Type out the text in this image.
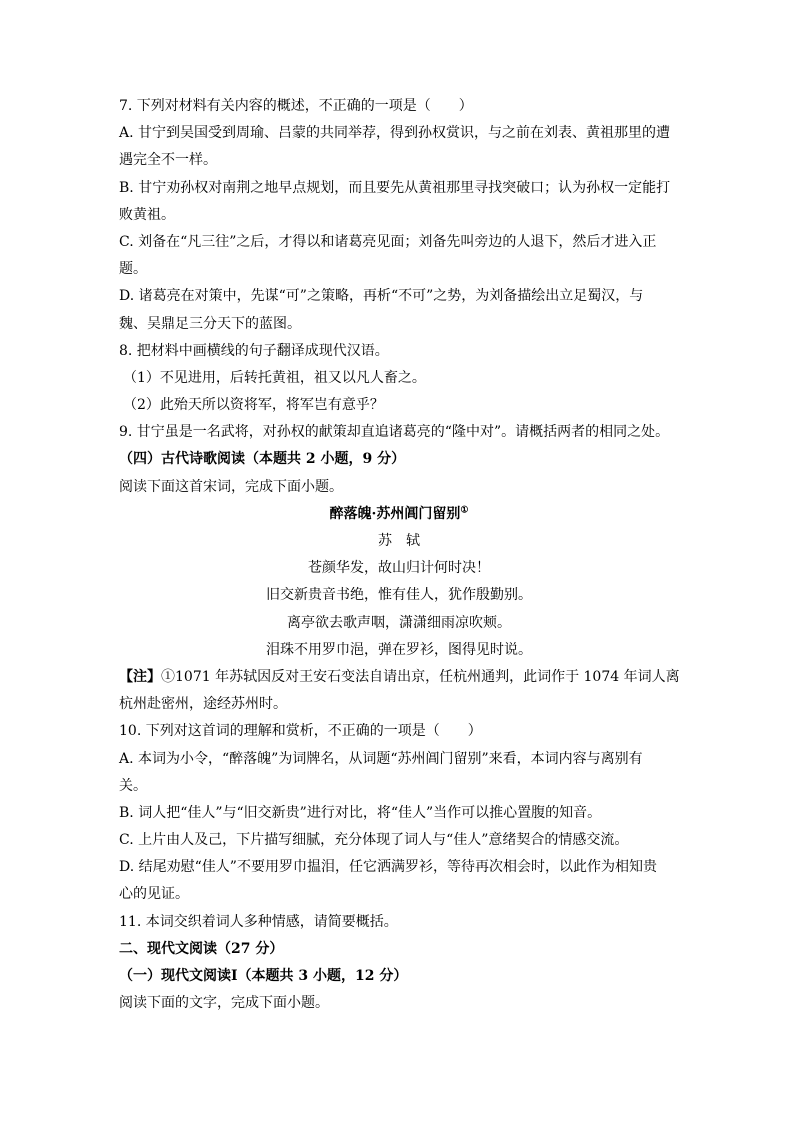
7. 下列对材料有关内容的概述，不正确的一项是（　　）
A. 甘宁到吴国受到周瑜、吕蒙的共同举荐，得到孙权赏识，与之前在刘表、黄祖那里的遭
遇完全不一样。
B. 甘宁劝孙权对南荆之地早点规划，而且要先从黄祖那里寻找突破口；认为孙权一定能打
败黄祖。
C. 刘备在“凡三往”之后，才得以和诸葛亮见面；刘备先叫旁边的人退下，然后才进入正
题。
D. 诸葛亮在对策中，先谋“可”之策略，再析“不可”之势，为刘备描绘出立足蜀汉，与
魏、吴鼎足三分天下的蓝图。
8. 把材料中画横线的句子翻译成现代汉语。
（1）不见进用，后转托黄祖，祖又以凡人畜之。
（2）此殆天所以资将军，将军岂有意乎？
9. 甘宁虽是一名武将，对孙权的献策却直追诸葛亮的“隆中对”。请概括两者的相同之处。
（四）古代诗歌阅读（本题共 2 小题，9 分）
阅读下面这首宋词，完成下面小题。
醉落魄·苏州阊门留别①
苏　轼
苍颜华发，故山归计何时决！
旧交新贵音书绝，惟有佳人，犹作殷勤别。
离亭欲去歌声咽，潇潇细雨凉吹颊。
泪珠不用罗巾浥，弹在罗衫，图得见时说。
【注】①1071 年苏轼因反对王安石变法自请出京，任杭州通判，此词作于 1074 年词人离
杭州赴密州，途经苏州时。
10. 下列对这首词的理解和赏析，不正确的一项是（　　）
A. 本词为小令，“醉落魄”为词牌名，从词题“苏州阊门留别”来看，本词内容与离别有
关。
B. 词人把“佳人”与“旧交新贵”进行对比，将“佳人”当作可以推心置腹的知音。
C. 上片由人及己，下片描写细腻，充分体现了词人与“佳人”意绪契合的情感交流。
D. 结尾劝慰“佳人”不要用罗巾揾泪，任它洒满罗衫，等待再次相会时，以此作为相知贵
心的见证。
11. 本词交织着词人多种情感，请简要概括。
二、现代文阅读（27 分）
（一）现代文阅读Ⅰ（本题共 3 小题，12 分）
阅读下面的文字，完成下面小题。
